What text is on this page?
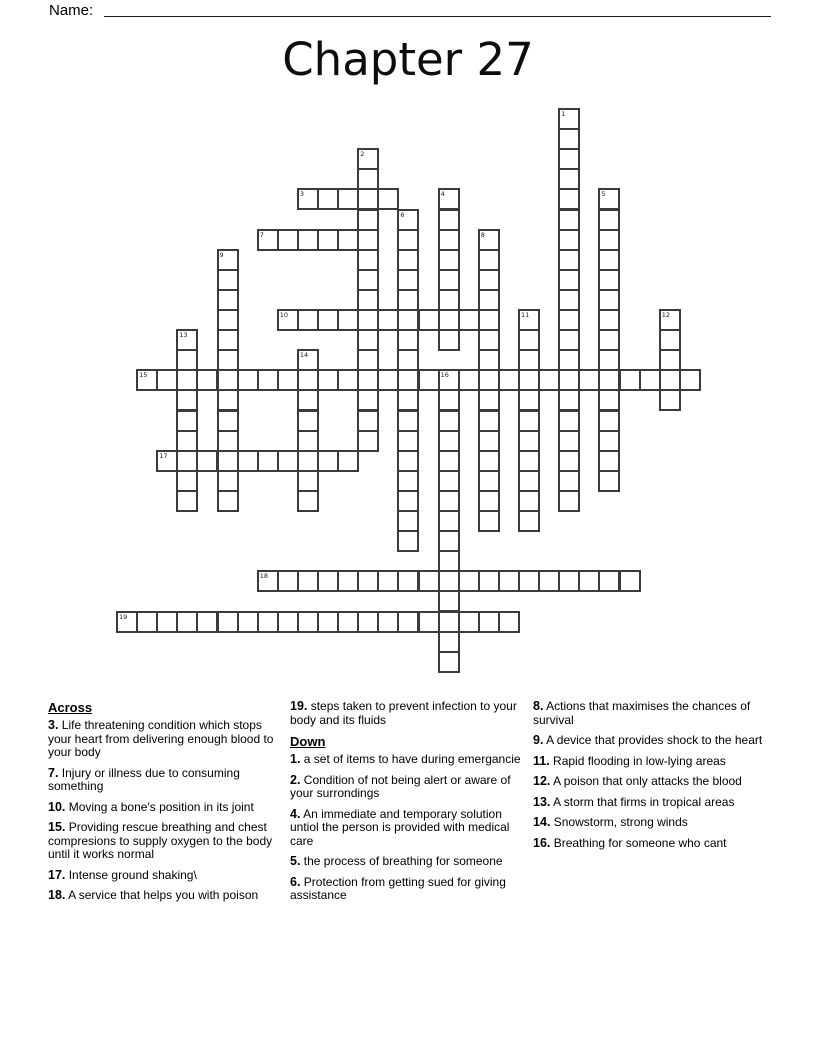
Name:
Chapter 27
1
2
3	4	5
6
7	8
9
10	11	12
13
14
15	16
17
18
19
Across
3. Life threatening condition which stops your heart from delivering enough blood to your body
7. Injury or illness due to consuming something
10. Moving a bone's position in its joint
15. Providing rescue breathing and chest compresions to supply oxygen to the body until it works normal
17. Intense ground shaking\
18. A service that helps you with poison
19. steps taken to prevent infection to your body and its fluids
Down
1. a set of items to have during emergancie
2. Condition of not being alert or aware of your surrondings
4. An immediate and temporary solution untiol the person is provided with medical care
5. the process of breathing for someone
6. Protection from getting sued for giving assistance
8. Actions that maximises the chances of survival
9. A device that provides shock to the heart
11. Rapid flooding in low-lying areas
12. A poison that only attacks the blood
13. A storm that firms in tropical areas
14. Snowstorm, strong winds
16. Breathing for someone who cant
